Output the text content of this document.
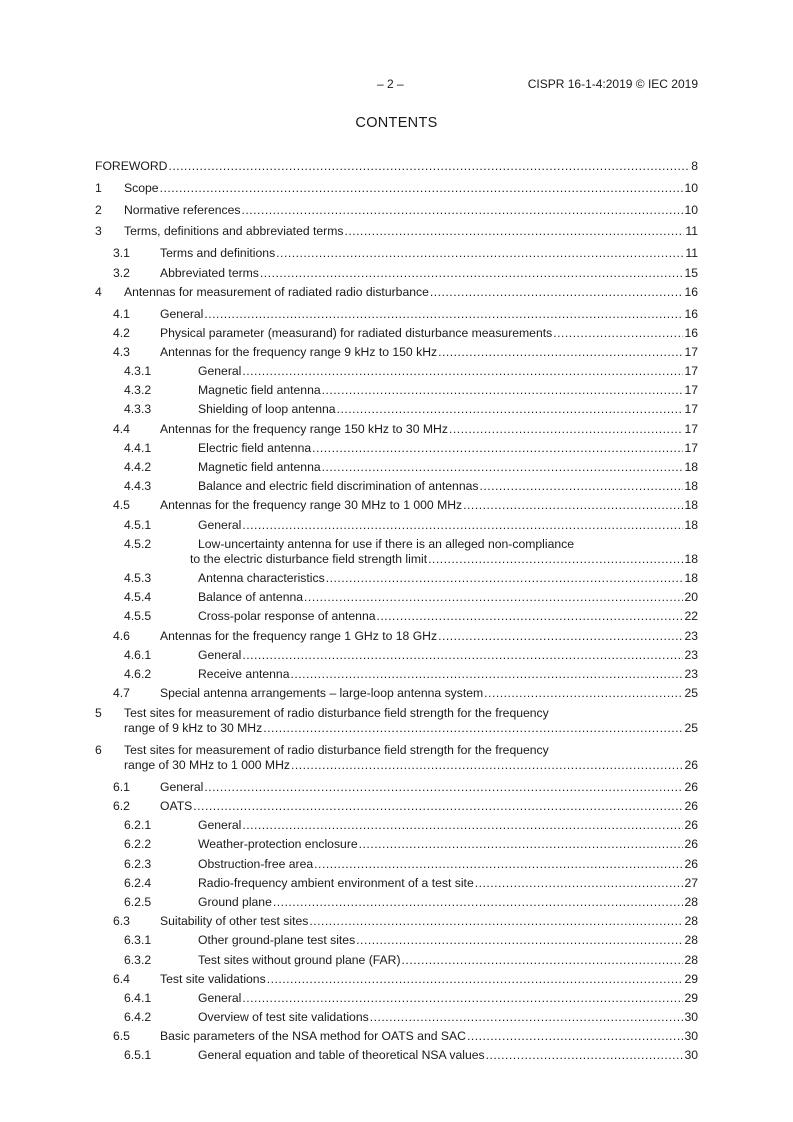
– 2 –	CISPR 16-1-4:2019 © IEC 2019
CONTENTS
FOREWORD .....	8
1 Scope .....	10
2 Normative references .....	10
3 Terms, definitions and abbreviated terms .....	11
3.1 Terms and definitions .....	11
3.2 Abbreviated terms .....	15
4 Antennas for measurement of radiated radio disturbance .....	16
4.1 General .....	16
4.2 Physical parameter (measurand) for radiated disturbance measurements .....	16
4.3 Antennas for the frequency range 9 kHz to 150 kHz .....	17
4.3.1	General .....	17
4.3.2	Magnetic field antenna .....	17
4.3.3	Shielding of loop antenna .....	17
4.4 Antennas for the frequency range 150 kHz to 30 MHz .....	17
4.4.1	Electric field antenna .....	17
4.4.2	Magnetic field antenna .....	18
4.4.3	Balance and electric field discrimination of antennas .....	18
4.5 Antennas for the frequency range 30 MHz to 1 000 MHz .....	18
4.5.1	General .....	18
4.5.2	Low-uncertainty antenna for use if there is an alleged non-compliance
to the electric disturbance field strength limit .....	18
4.5.3	Antenna characteristics .....	18
4.5.4	Balance of antenna .....	20
4.5.5	Cross-polar response of antenna .....	22
4.6 Antennas for the frequency range 1 GHz to 18 GHz .....	23
4.6.1	General .....	23
4.6.2	Receive antenna .....	23
4.7 Special antenna arrangements – large-loop antenna system .....	25
5 Test sites for measurement of radio disturbance field strength for the frequency
range of 9 kHz to 30 MHz .....	25
6 Test sites for measurement of radio disturbance field strength for the frequency
range of 30 MHz to 1 000 MHz .....	26
6.1 General .....	26
6.2 OATS .....	26
6.2.1	General .....	26
6.2.2	Weather-protection enclosure .....	26
6.2.3	Obstruction-free area .....	26
6.2.4	Radio-frequency ambient environment of a test site .....	27
6.2.5	Ground plane .....	28
6.3 Suitability of other test sites .....	28
6.3.1	Other ground-plane test sites .....	28
6.3.2	Test sites without ground plane (FAR) .....	28
6.4 Test site validations .....	29
6.4.1	General .....	29
6.4.2	Overview of test site validations .....	30
6.5 Basic parameters of the NSA method for OATS and SAC .....	30
6.5.1	General equation and table of theoretical NSA values .....	30
